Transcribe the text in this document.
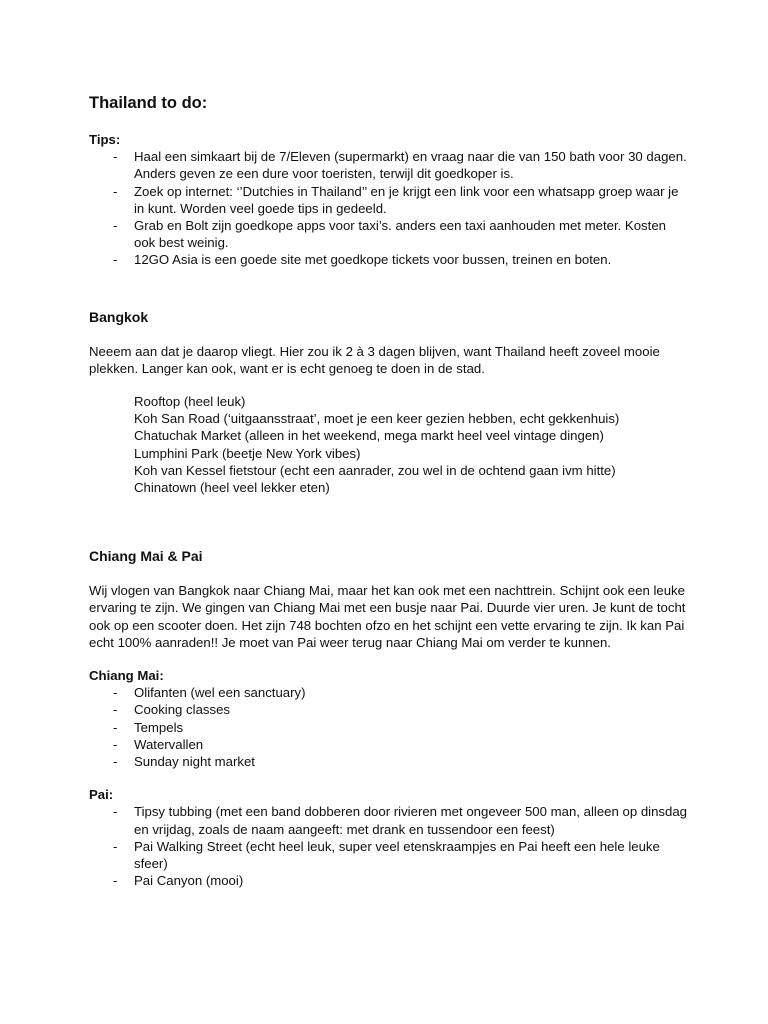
Thailand to do:

Tips:

- Haal een simkaart bij de 7/Eleven (supermarkt) en vraag naar die van 150 bath voor 30 dagen. Anders geven ze een dure voor toeristen, terwijl dit goedkoper is.
- Zoek op internet: ‘’Dutchies in Thailand’’ en je krijgt een link voor een whatsapp groep waar je in kunt. Worden veel goede tips in gedeeld.
- Grab en Bolt zijn goedkope apps voor taxi’s. anders een taxi aanhouden met meter. Kosten ook best weinig.
- 12GO Asia is een goede site met goedkope tickets voor bussen, treinen en boten.
Bangkok

Neeem aan dat je daarop vliegt. Hier zou ik 2 à 3 dagen blijven, want Thailand heeft zoveel mooie plekken. Langer kan ook, want er is echt genoeg te doen in de stad.

Rooftop (heel leuk)
Koh San Road (‘uitgaansstraat’, moet je een keer gezien hebben, echt gekkenhuis)
Chatuchak Market (alleen in het weekend, mega markt heel veel vintage dingen)
Lumphini Park (beetje New York vibes)
Koh van Kessel fietstour (echt een aanrader, zou wel in de ochtend gaan ivm hitte)
Chinatown (heel veel lekker eten)
Chiang Mai & Pai

Wij vlogen van Bangkok naar Chiang Mai, maar het kan ook met een nachttrein. Schijnt ook een leuke ervaring te zijn. We gingen van Chiang Mai met een busje naar Pai. Duurde vier uren. Je kunt de tocht ook op een scooter doen. Het zijn 748 bochten ofzo en het schijnt een vette ervaring te zijn. Ik kan Pai echt 100% aanraden!! Je moet van Pai weer terug naar Chiang Mai om verder te kunnen.

Chiang Mai:

- Olifanten (wel een sanctuary)
- Cooking classes
- Tempels
- Watervallen
- Sunday night market

Pai:

- Tipsy tubbing (met een band dobberen door rivieren met ongeveer 500 man, alleen op dinsdag en vrijdag, zoals de naam aangeeft: met drank en tussendoor een feest)
- Pai Walking Street (echt heel leuk, super veel etenskraampjes en Pai heeft een hele leuke sfeer)
- Pai Canyon (mooi)
